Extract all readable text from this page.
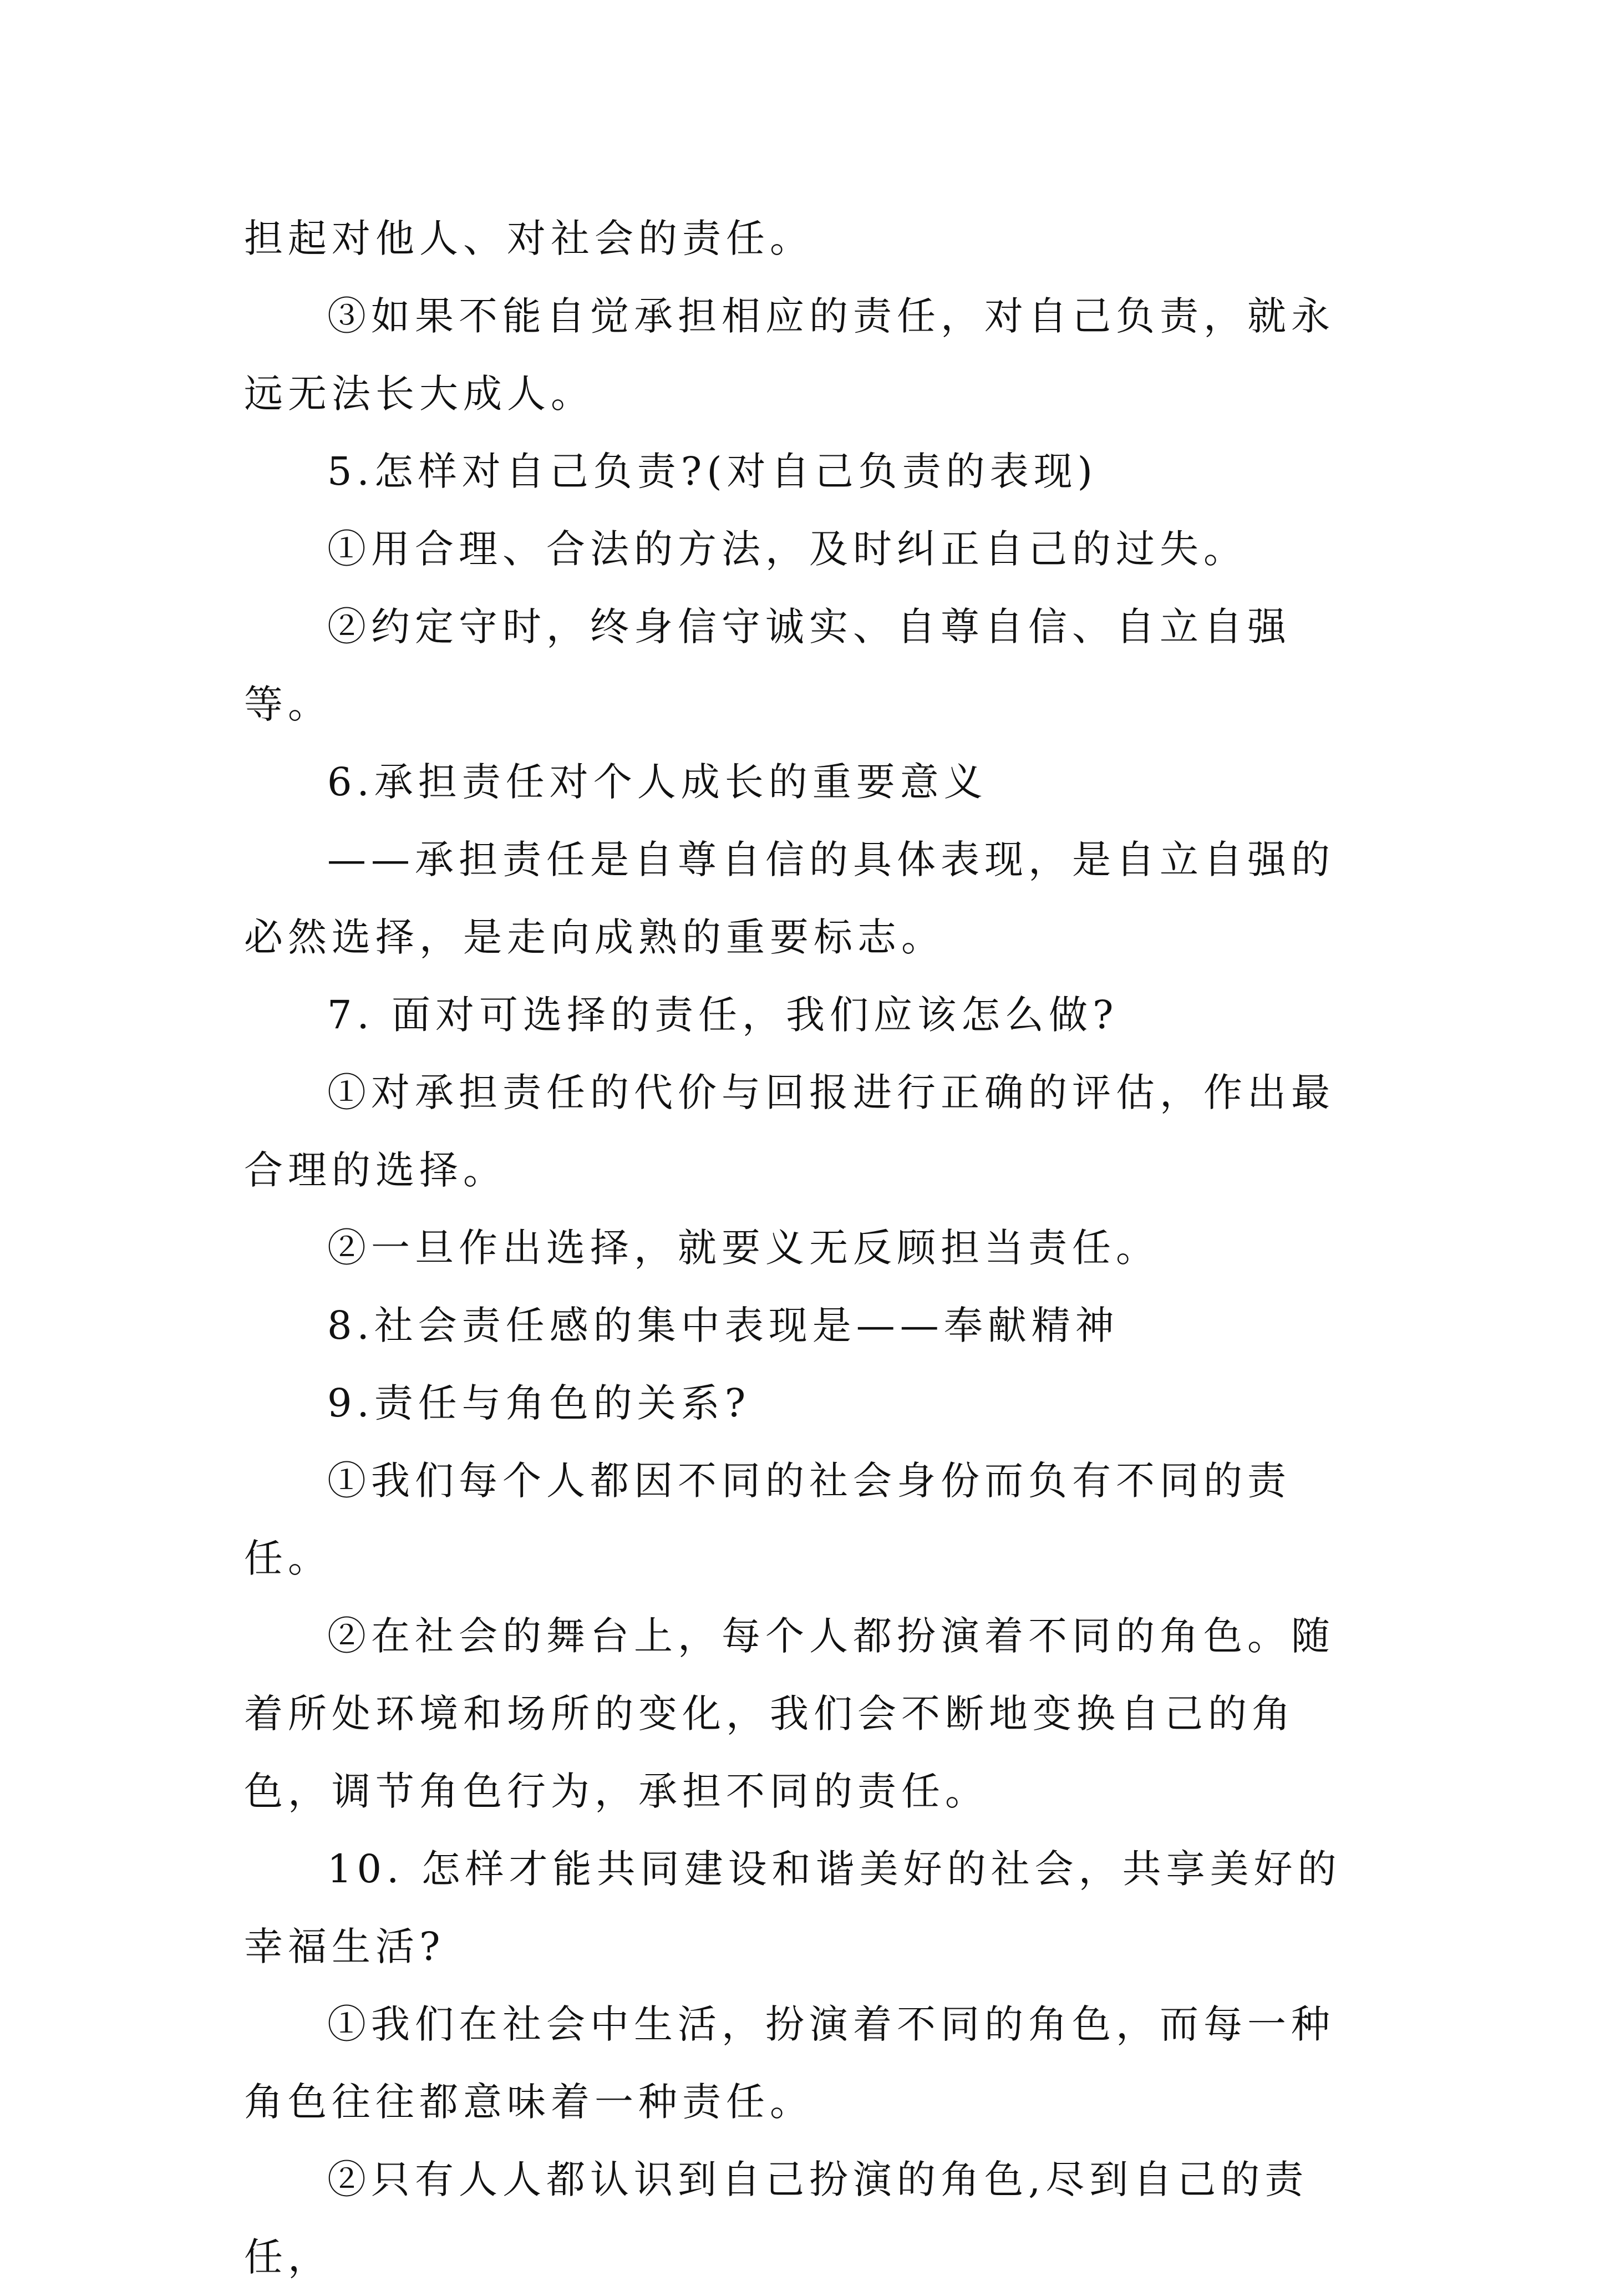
担起对他人、对社会的责任。

③如果不能自觉承担相应的责任，对自己负责，就永远无法长大成人。

5.怎样对自己负责?(对自己负责的表现)

①用合理、合法的方法，及时纠正自己的过失。

②约定守时，终身信守诚实、自尊自信、自立自强等。

6.承担责任对个人成长的重要意义

——承担责任是自尊自信的具体表现，是自立自强的必然选择，是走向成熟的重要标志。

7. 面对可选择的责任，我们应该怎么做?

①对承担责任的代价与回报进行正确的评估，作出最合理的选择。

②一旦作出选择，就要义无反顾担当责任。

8.社会责任感的集中表现是——奉献精神

9.责任与角色的关系?

①我们每个人都因不同的社会身份而负有不同的责任。

②在社会的舞台上，每个人都扮演着不同的角色。随着所处环境和场所的变化，我们会不断地变换自己的角色，调节角色行为，承担不同的责任。

10. 怎样才能共同建设和谐美好的社会，共享美好的幸福生活?

①我们在社会中生活，扮演着不同的角色，而每一种角色往往都意味着一种责任。

②只有人人都认识到自己扮演的角色,尽到自己的责任，
